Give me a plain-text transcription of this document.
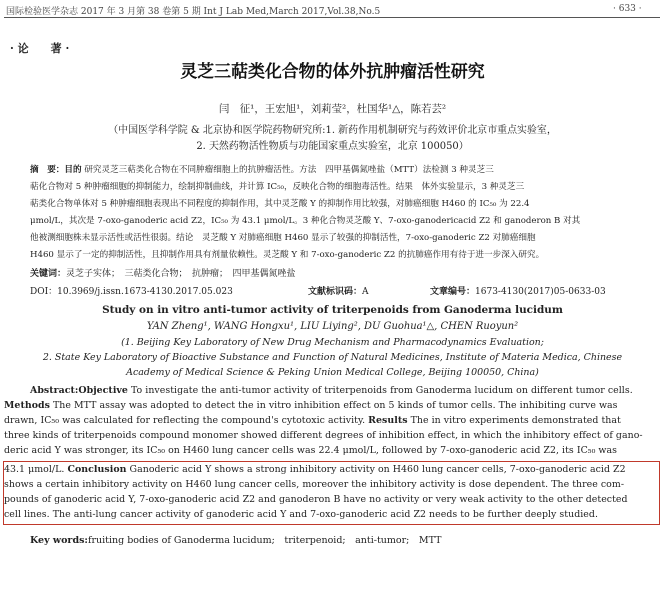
国际检验医学杂志 2017 年 3 月第 38 卷第 5 期 Int J Lab Med,March 2017,Vol.38,No.5	· 633 ·
· 论　　著 ·
灵芝三萜类化合物的体外抗肿瘤活性研究
闫　征¹，王宏旭¹，刘莉莹²，杜国华¹△，陈若芸²
（中国医学科学院 & 北京协和医学院药物研究所:1. 新药作用机制研究与药效评价北京市重点实验室，
2. 天然药物活性物质与功能国家重点实验室，北京 100050）
摘　要：目的 研究灵芝三萜类化合物在不同肿瘤细胞上的抗肿瘤活性。方法　四甲基偶氮唑盐（MTT）法检测 3 种灵芝三
萜化合物对 5 种肿瘤细胞的抑制能力，绘制抑制曲线，并计算 IC₅₀，反映化合物的细胞毒活性。结果　体外实验显示，3 种灵芝三
萜类化合物单体对 5 种肿瘤细胞表现出不同程度的抑制作用，其中灵芝酸 Y 的抑制作用比较强，对肺癌细胞 H460 的 IC₅₀ 为 22.4
μmol/L，其次是 7-oxo-ganoderic acid Z2，IC₅₀ 为 43.1 μmol/L。3 种化合物灵芝酸 Y、7-oxo-ganodericacid Z2 和 ganoderon B 对其
他被测细胞株未显示活性或活性很弱。结论　灵芝酸 Y 对肺癌细胞 H460 显示了较强的抑制活性，7-oxo-ganoderic Z2 对肺癌细胞
H460 显示了一定的抑制活性，且抑制作用具有剂量依赖性。灵芝酸 Y 和 7-oxo-ganoderic Z2 的抗肺癌作用有待于进一步深入研究。
关键词：灵芝子实体；　三萜类化合物；　抗肿瘤；　四甲基偶氮唑盐
DOI：10.3969/j.issn.1673-4130.2017.05.023	文献标识码：A	文章编号：1673-4130(2017)05-0633-03
Study on in vitro anti-tumor activity of triterpenoids from Ganoderma lucidum
YAN Zheng¹, WANG Hongxu¹, LIU Liying², DU Guohua¹△, CHEN Ruoyun²
(1. Beijing Key Laboratory of New Drug Mechanism and Pharmacodynamics Evaluation;
2. State Key Laboratory of Bioactive Substance and Function of Natural Medicines, Institute of Materia Medica, Chinese
Academy of Medical Science & Peking Union Medical College, Beijing 100050, China)
Abstract:Objective To investigate the anti-tumor activity of triterpenoids from Ganoderma lucidum on different tumor cells.
Methods The MTT assay was adopted to detect the in vitro inhibition effect on 5 kinds of tumor cells. The inhibiting curve was
drawn, IC₅₀ was calculated for reflecting the compound's cytotoxic activity. Results The in vitro experiments demonstrated that
three kinds of triterpenoids compound monomer showed different degrees of inhibition effect, in which the inhibitory effect of gano-
deric acid Y was stronger, its IC₅₀ on H460 lung cancer cells was 22.4 μmol/L, followed by 7-oxo-ganoderic acid Z2, its IC₅₀ was
43.1 μmol/L. Conclusion Ganoderic acid Y shows a strong inhibitory activity on H460 lung cancer cells, 7-oxo-ganoderic acid Z2
shows a certain inhibitory activity on H460 lung cancer cells, moreover the inhibitory activity is dose dependent. The three com-
pounds of ganoderic acid Y, 7-oxo-ganoderic acid Z2 and ganoderon B have no activity or very weak activity to the other detected
cell lines. The anti-lung cancer activity of ganoderic acid Y and 7-oxo-ganoderic acid Z2 needs to be further deeply studied.
Key words:fruiting bodies of Ganoderma lucidum;　triterpenoid;　anti-tumor;　MTT
